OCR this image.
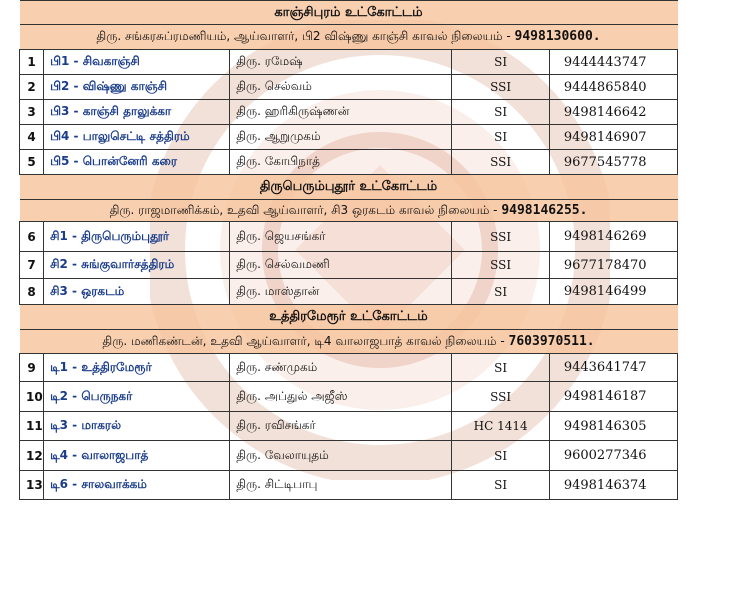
காஞ்சிபுரம் உட்கோட்டம்				
திரு. சங்கரசுப்ரமணியம், ஆய்வாளர், பி2 விஷ்ணு காஞ்சி காவல் நிலையம் - 9498130600.				
1	பி1 - சிவகாஞ்சி	திரு. ரமேஷ்	SI	9444443747
2	பி2 - விஷ்ணு காஞ்சி	திரு. செல்வம்	SSI	9444865840
3	பி3 - காஞ்சி தாலுக்கா	திரு. ஹரிகிருஷ்ணன்	SI	9498146642
4	பி4 - பாலுசெட்டி சத்திரம்	திரு. ஆறுமுகம்	SI	9498146907
5	பி5 - பொன்னேரி கரை	திரு. கோபிநாத்	SSI	9677545778
திருபெரும்புதூர் உட்கோட்டம்				
திரு. ராஜமாணிக்கம், உதவி ஆய்வாளர், சி3 ஒரகடம் காவல் நிலையம் - 9498146255.				
6	சி1 - திருபெரும்புதூர்	திரு. ஜெயசங்கர்	SSI	9498146269
7	சி2 - சுங்குவார்சத்திரம்	திரு. செல்வமணி	SSI	9677178470
8	சி3 - ஒரகடம்	திரு. மாஸ்தான்	SI	9498146499
உத்திரமேரூர் உட்கோட்டம்				
திரு. மணிகண்டன், உதவி ஆய்வாளர், டி4 வாலாஜபாத் காவல் நிலையம் - 7603970511.				
9	டி1 - உத்திரமேரூர்	திரு. சண்முகம்	SI	9443641747
10	டி2 - பெருநகர்	திரு. அப்துல் அஜீஸ்	SSI	9498146187
11	டி3 - மாகரல்	திரு. ரவிசங்கர்	HC 1414	9498146305
12	டி4 - வாலாஜபாத்	திரு. வேலாயுதம்	SI	9600277346
13	டி6 - சாலவாக்கம்	திரு. சிட்டிபாபு	SI	9498146374
